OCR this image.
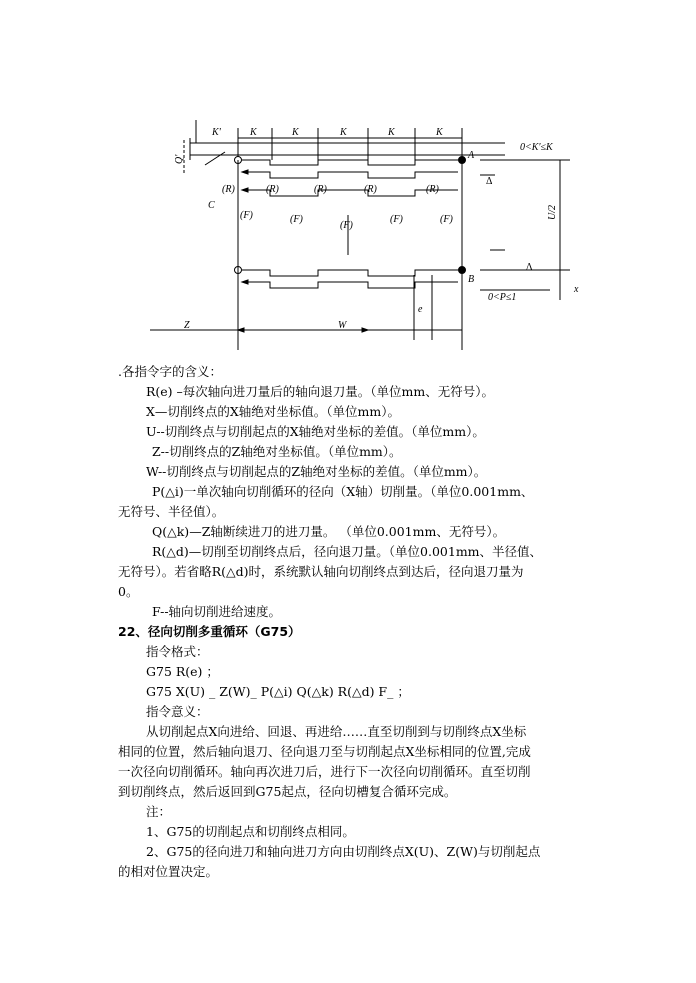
Q'
K'	K	K	K	K	K
A
B
C
(R)	(R)	(R)	(R)	(R)
(F)	(F)
(F)
(F)	(F)
0<K'≤K
0<P≤1
U/2
Δ
Δ
e
Z	W
x
.各指令字的含义：
R(e) –每次轴向进刀量后的轴向退刀量。（单位mm、无符号）。
X—切削终点的X轴绝对坐标值。（单位mm）。
U--切削终点与切削起点的X轴绝对坐标的差值。（单位mm）。
Z--切削终点的Z轴绝对坐标值。（单位mm）。
W--切削终点与切削起点的Z轴绝对坐标的差值。（单位mm）。
P(△i)一单次轴向切削循环的径向（X轴）切削量。（单位0.001mm、
无符号、半径值）。
Q(△k)—Z轴断续进刀的进刀量。 （单位0.001mm、无符号）。
R(△d)—切削至切削终点后，径向退刀量。（单位0.001mm、半径值、
无符号）。若省略R(△d)时，系统默认轴向切削终点到达后，径向退刀量为
0。
F--轴向切削进给速度。
22、径向切削多重循环（G75）
指令格式：
G75 R(e) ；
G75 X(U) _ Z(W)_ P(△i) Q(△k) R(△d) F_ ；
指令意义：
从切削起点X向进给、回退、再进给……直至切削到与切削终点X坐标
相同的位置，然后轴向退刀、径向退刀至与切削起点X坐标相同的位置,完成
一次径向切削循环。轴向再次进刀后，进行下一次径向切削循环。直至切削
到切削终点，然后返回到G75起点，径向切槽复合循环完成。
注：
1、G75的切削起点和切削终点相同。
2、G75的径向进刀和轴向进刀方向由切削终点X(U)、Z(W)与切削起点
的相对位置决定。
